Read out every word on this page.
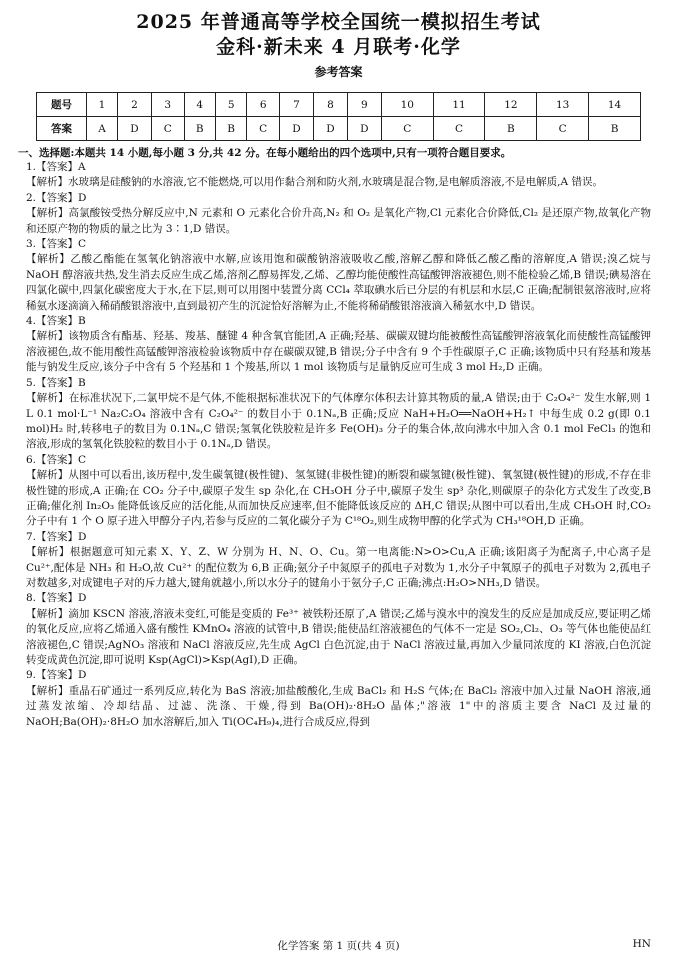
2025 年普通高等学校全国统一模拟招生考试
金科·新未来 4 月联考·化学
参考答案
题号	1	2	3	4	5	6	7	8	9	10	11	12	13	14
答案	A	D	C	B	B	C	D	D	D	C	C	B	C	B
一、选择题:本题共 14 小题,每小题 3 分,共 42 分。在每小题给出的四个选项中,只有一项符合题目要求。
1.【答案】A
【解析】水玻璃是硅酸钠的水溶液,它不能燃烧,可以用作黏合剂和防火剂,水玻璃是混合物,是电解质溶液,不是电解质,A 错误。
2.【答案】D
【解析】高氯酸铵受热分解反应中,N 元素和 O 元素化合价升高,N₂ 和 O₂ 是氧化产物,Cl 元素化合价降低,Cl₂ 是还原产物,故氧化产物和还原产物的物质的量之比为 3∶1,D 错误。
3.【答案】C
【解析】乙酸乙酯能在氢氧化钠溶液中水解,应该用饱和碳酸钠溶液吸收乙酸,溶解乙醇和降低乙酸乙酯的溶解度,A 错误;溴乙烷与 NaOH 醇溶液共热,发生消去反应生成乙烯,溶剂乙醇易挥发,乙烯、乙醇均能使酸性高锰酸钾溶液褪色,则不能检验乙烯,B 错误;碘易溶在四氯化碳中,四氯化碳密度大于水,在下层,则可以用图中装置分离 CCl₄ 萃取碘水后已分层的有机层和水层,C 正确;配制银氨溶液时,应将稀氨水逐滴滴入稀硝酸银溶液中,直到最初产生的沉淀恰好溶解为止,不能将稀硝酸银溶液滴入稀氨水中,D 错误。
4.【答案】B
【解析】该物质含有酯基、羟基、羧基、醚键 4 种含氧官能团,A 正确;羟基、碳碳双键均能被酸性高锰酸钾溶液氧化而使酸性高锰酸钾溶液褪色,故不能用酸性高锰酸钾溶液检验该物质中存在碳碳双键,B 错误;分子中含有 9 个手性碳原子,C 正确;该物质中只有羟基和羧基能与钠发生反应,该分子中含有 5 个羟基和 1 个羧基,所以 1 mol 该物质与足量钠反应可生成 3 mol H₂,D 正确。
5.【答案】B
【解析】在标准状况下,二氯甲烷不是气体,不能根据标准状况下的气体摩尔体积去计算其物质的量,A 错误;由于 C₂O₄²⁻ 发生水解,则 1 L 0.1 mol·L⁻¹ Na₂C₂O₄ 溶液中含有 C₂O₄²⁻ 的数目小于 0.1Nₐ,B 正确;反应 NaH+H₂O══NaOH+H₂↑ 中每生成 0.2 g(即 0.1 mol)H₂ 时,转移电子的数目为 0.1Nₐ,C 错误;氢氧化铁胶粒是许多 Fe(OH)₃ 分子的集合体,故向沸水中加入含 0.1 mol FeCl₃ 的饱和溶液,形成的氢氧化铁胶粒的数目小于 0.1Nₐ,D 错误。
6.【答案】C
【解析】从图中可以看出,该历程中,发生碳氧键(极性键)、氢氢键(非极性键)的断裂和碳氢键(极性键)、氧氢键(极性键)的形成,不存在非极性键的形成,A 正确;在 CO₂ 分子中,碳原子发生 sp 杂化,在 CH₃OH 分子中,碳原子发生 sp³ 杂化,则碳原子的杂化方式发生了改变,B 正确;催化剂 In₂O₃ 能降低该反应的活化能,从而加快反应速率,但不能降低该反应的 ΔH,C 错误;从图中可以看出,生成 CH₃OH 时,CO₂ 分子中有 1 个 O 原子进入甲醇分子内,若参与反应的二氧化碳分子为 C¹⁸O₂,则生成物甲醇的化学式为 CH₃¹⁸OH,D 正确。
7.【答案】D
【解析】根据题意可知元素 X、Y、Z、W 分别为 H、N、O、Cu。第一电离能:N>O>Cu,A 正确;该阳离子为配离子,中心离子是 Cu²⁺,配体是 NH₃ 和 H₂O,故 Cu²⁺ 的配位数为 6,B 正确;氨分子中氮原子的孤电子对数为 1,水分子中氧原子的孤电子对数为 2,孤电子对数越多,对成键电子对的斥力越大,键角就越小,所以水分子的键角小于氨分子,C 正确;沸点:H₂O>NH₃,D 错误。
8.【答案】D
【解析】滴加 KSCN 溶液,溶液未变红,可能是变质的 Fe³⁺ 被铁粉还原了,A 错误;乙烯与溴水中的溴发生的反应是加成反应,要证明乙烯的氧化反应,应将乙烯通入盛有酸性 KMnO₄ 溶液的试管中,B 错误;能使品红溶液褪色的气体不一定是 SO₂,Cl₂、O₃ 等气体也能使品红溶液褪色,C 错误;AgNO₃ 溶液和 NaCl 溶液反应,先生成 AgCl 白色沉淀,由于 NaCl 溶液过量,再加入少量同浓度的 KI 溶液,白色沉淀转变成黄色沉淀,即可说明 Ksp(AgCl)>Ksp(AgI),D 正确。
9.【答案】D
【解析】重晶石矿通过一系列反应,转化为 BaS 溶液;加盐酸酸化,生成 BaCl₂ 和 H₂S 气体;在 BaCl₂ 溶液中加入过量 NaOH 溶液,通过蒸发浓缩、冷却结晶、过滤、洗涤、干燥,得到 Ba(OH)₂·8H₂O 晶体;"溶液 1"中的溶质主要含 NaCl 及过量的 NaOH;Ba(OH)₂·8H₂O 加水溶解后,加入 Ti(OC₄H₉)₄,进行合成反应,得到
化学答案 第 1 页(共 4 页)	HN
